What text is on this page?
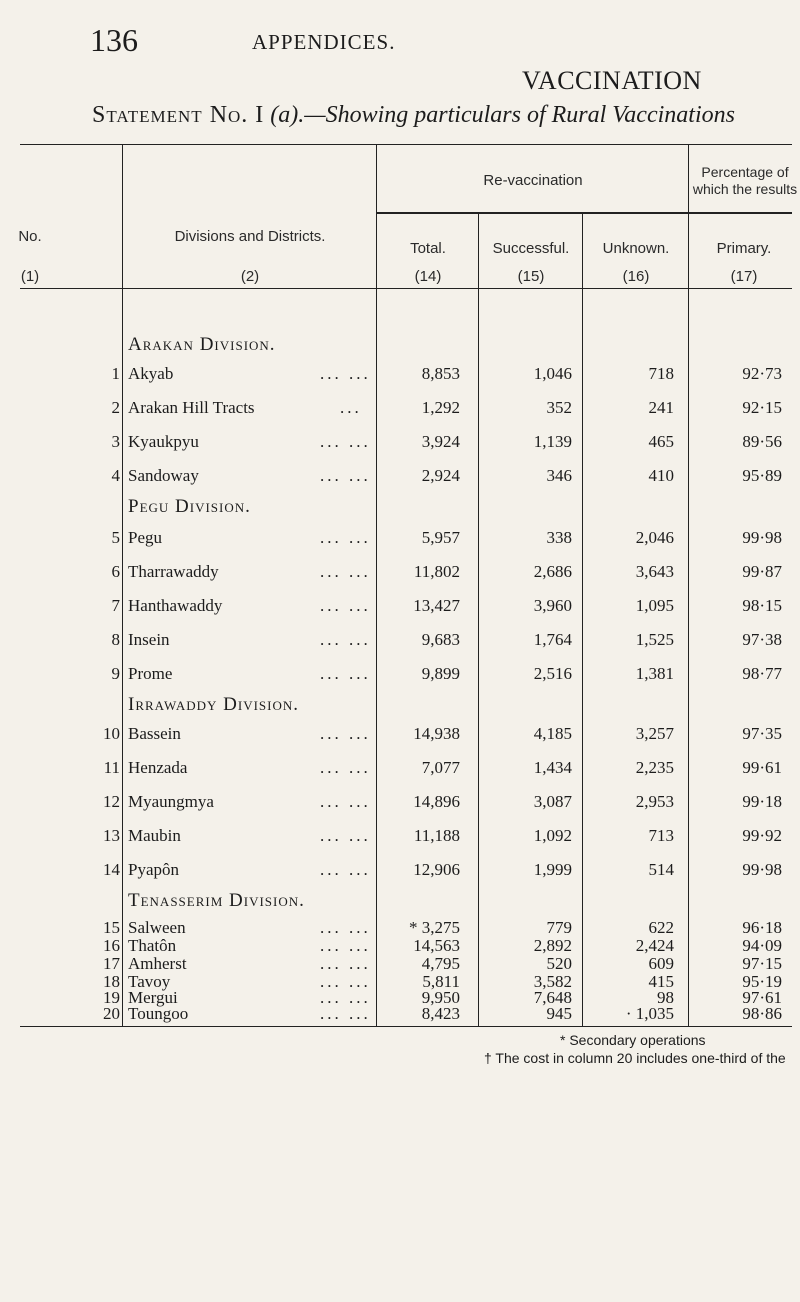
136	APPENDICES.
VACCINATION
Statement No. I (a).—Showing particulars of Rural Vaccinations
No.
(1)
Divisions and Districts.
(2)
Re-vaccination
Total.
(14)
Successful.
(15)
Unknown.
(16)
Percentage of which the results
Primary.
(17)
Arakan Division.
1 Akyab	... ...	8,853	1,046	718	92·73
2 Arakan Hill Tracts	...	1,292	352	241	92·15
3 Kyaukpyu	... ...	3,924	1,139	465	89·56
4 Sandoway	... ...	2,924	346	410	95·89
Pegu Division.
5 Pegu	... ...	5,957	338	2,046	99·98
6 Tharrawaddy	... ...	11,802	2,686	3,643	99·87
7 Hanthawaddy	... ...	13,427	3,960	1,095	98·15
8 Insein	... ...	9,683	1,764	1,525	97·38
9 Prome	... ...	9,899	2,516	1,381	98·77
Irrawaddy Division.
10 Bassein	... ...	14,938	4,185	3,257	97·35
11 Henzada	... ...	7,077	1,434	2,235	99·61
12 Myaungmya	... ...	14,896	3,087	2,953	99·18
13 Maubin	... ...	11,188	1,092	713	99·92
14 Pyapôn	... ...	12,906	1,999	514	99·98
Tenasserim Division.
15 Salween	... ...	* 3,275	779	622	96·18
16 Thatôn	... ...	14,563	2,892	2,424	94·09
17 Amherst	... ...	4,795	520	609	97·15
18 Tavoy	... ...	5,811	3,582	415	95·19
19 Mergui	... ...	9,950	7,648	98	97·61
20 Toungoo	... ...	8,423	945	· 1,035	98·86
* Secondary operations
† The cost in column 20 includes one-third of the
